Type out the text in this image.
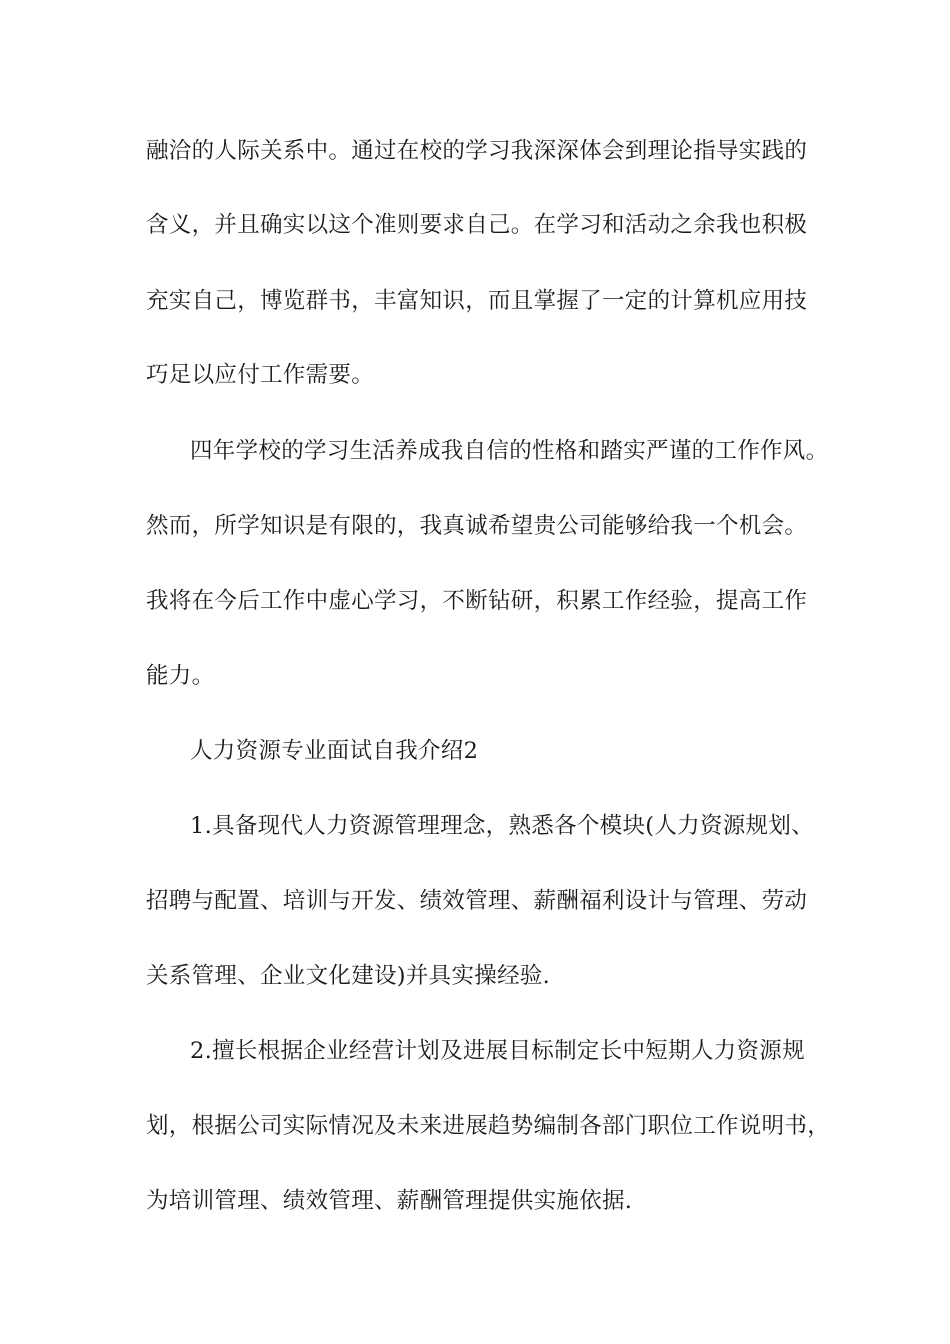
融洽的人际关系中。通过在校的学习我深深体会到理论指导实践的
含义，并且确实以这个准则要求自己。在学习和活动之余我也积极
充实自己，博览群书，丰富知识，而且掌握了一定的计算机应用技
巧足以应付工作需要。
四年学校的学习生活养成我自信的性格和踏实严谨的工作作风。
然而，所学知识是有限的，我真诚希望贵公司能够给我一个机会。
我将在今后工作中虚心学习，不断钻研，积累工作经验，提高工作
能力。
人力资源专业面试自我介绍2
1.具备现代人力资源管理理念，熟悉各个模块(人力资源规划、
招聘与配置、培训与开发、绩效管理、薪酬福利设计与管理、劳动
关系管理、企业文化建设)并具实操经验.
2.擅长根据企业经营计划及进展目标制定长中短期人力资源规
划，根据公司实际情况及未来进展趋势编制各部门职位工作说明书，
为培训管理、绩效管理、薪酬管理提供实施依据.
